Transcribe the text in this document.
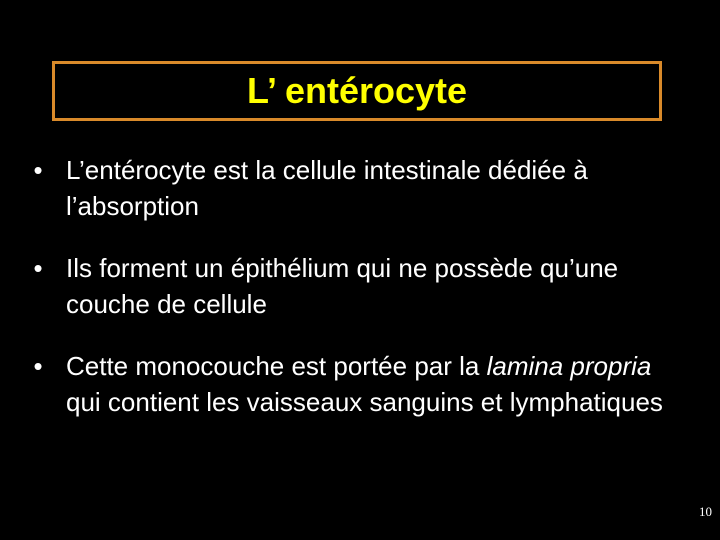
L’ entérocyte
• L’entérocyte est la cellule intestinale dédiée à l’absorption
• Ils forment un épithélium qui ne possède qu’une couche de cellule
• Cette monocouche est portée par la lamina propria qui contient les vaisseaux sanguins et lymphatiques
10
